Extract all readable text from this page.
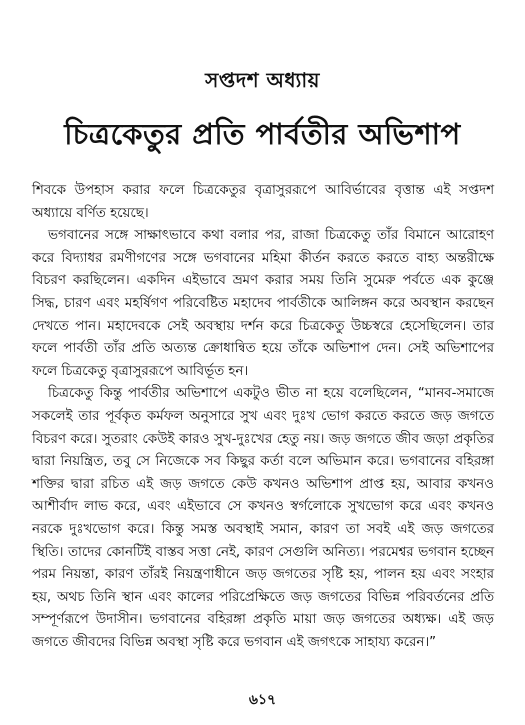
সপ্তদশ অধ্যায়
চিত্রকেতুর প্রতি পার্বতীর অভিশাপ

শিবকে উপহাস করার ফলে চিত্রকেতুর বৃত্রাসুররূপে আবির্ভাবের বৃত্তান্ত এই সপ্তদশ অধ্যায়ে বর্ণিত হয়েছে।

ভগবানের সঙ্গে সাক্ষাৎভাবে কথা বলার পর, রাজা চিত্রকেতু তাঁর বিমানে আরোহণ করে বিদ্যাধর রমণীগণের সঙ্গে ভগবানের মহিমা কীর্তন করতে করতে বাহ্য অন্তরীক্ষে বিচরণ করছিলেন। একদিন এইভাবে ভ্রমণ করার সময় তিনি সুমেরু পর্বতে এক কুঞ্জে সিদ্ধ, চারণ এবং মহর্ষিগণ পরিবেষ্টিত মহাদেব পার্বতীকে আলিঙ্গন করে অবস্থান করছেন দেখতে পান। মহাদেবকে সেই অবস্থায় দর্শন করে চিত্রকেতু উচ্চস্বরে হেসেছিলেন। তার ফলে পার্বতী তাঁর প্রতি অত্যন্ত ক্রোধান্বিত হয়ে তাঁকে অভিশাপ দেন। সেই অভিশাপের ফলে চিত্রকেতু বৃত্রাসুররূপে আবির্ভূত হন।

চিত্রকেতু কিন্তু পার্বতীর অভিশাপে একটুও ভীত না হয়ে বলেছিলেন, “মানব-সমাজে সকলেই তার পূর্বকৃত কর্মফল অনুসারে সুখ এবং দুঃখ ভোগ করতে করতে জড় জগতে বিচরণ করে। সুতরাং কেউই কারও সুখ-দুঃখের হেতু নয়। জড় জগতে জীব জড়া প্রকৃতির দ্বারা নিয়ন্ত্রিত, তবু সে নিজেকে সব কিছুর কর্তা বলে অভিমান করে। ভগবানের বহিরঙ্গা শক্তির দ্বারা রচিত এই জড় জগতে কেউ কখনও অভিশাপ প্রাপ্ত হয়, আবার কখনও আশীর্বাদ লাভ করে, এবং এইভাবে সে কখনও স্বর্গলোকে সুখভোগ করে এবং কখনও নরকে দুঃখভোগ করে। কিন্তু সমস্ত অবস্থাই সমান, কারণ তা সবই এই জড় জগতের স্থিতি। তাদের কোনটিই বাস্তব সত্তা নেই, কারণ সেগুলি অনিত্য। পরমেশ্বর ভগবান হচ্ছেন পরম নিয়ন্তা, কারণ তাঁরই নিয়ন্ত্রণাধীনে জড় জগতের সৃষ্টি হয়, পালন হয় এবং সংহার হয়, অথচ তিনি স্থান এবং কালের পরিপ্রেক্ষিতে জড় জগতের বিভিন্ন পরিবর্তনের প্রতি সম্পূর্ণরূপে উদাসীন। ভগবানের বহিরঙ্গা প্রকৃতি মায়া জড় জগতের অধ্যক্ষ। এই জড় জগতে জীবদের বিভিন্ন অবস্থা সৃষ্টি করে ভগবান এই জগৎকে সাহায্য করেন।”

৬১৭
